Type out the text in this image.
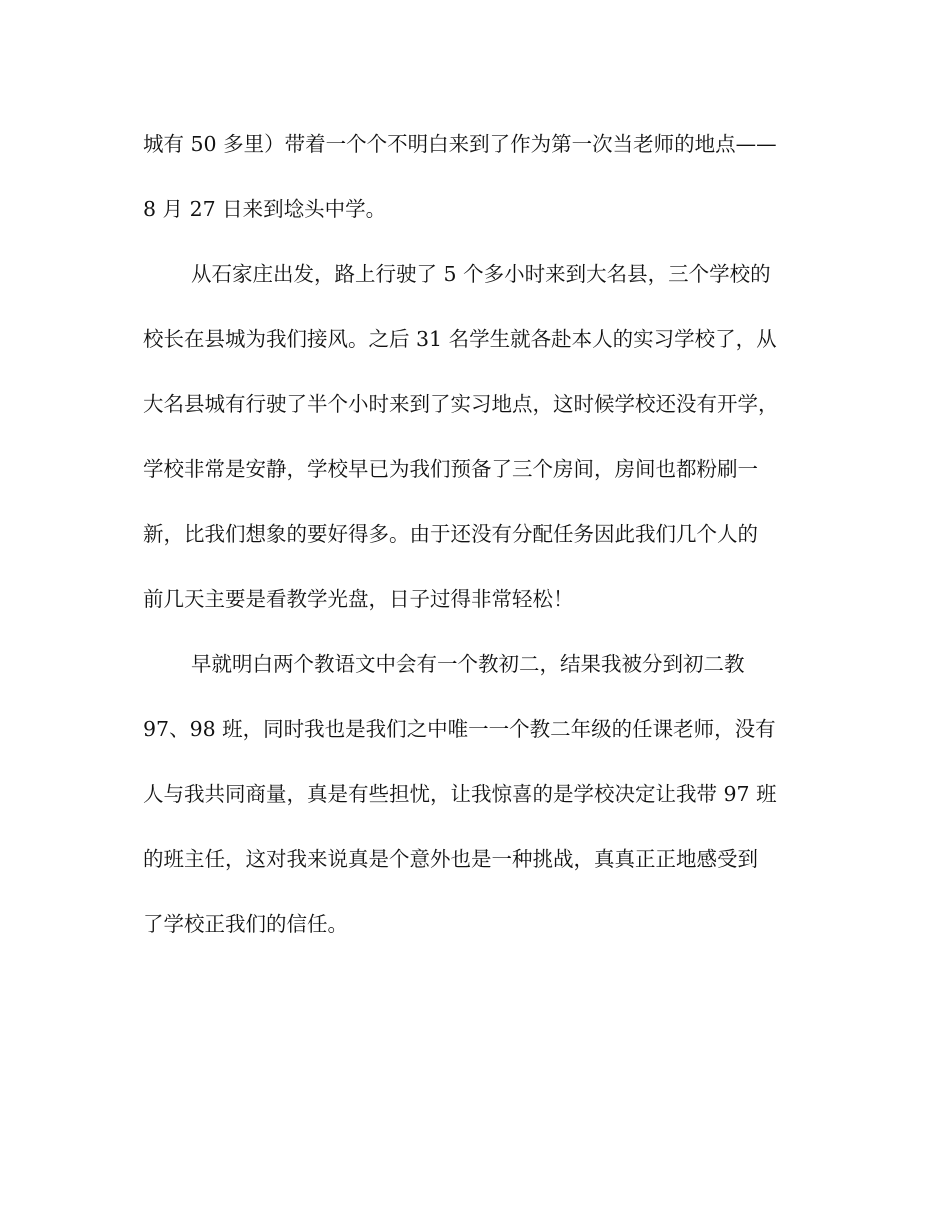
城有 50 多里）带着一个个不明白来到了作为第一次当老师的地点——
8 月 27 日来到埝头中学。
从石家庄出发，路上行驶了 5 个多小时来到大名县，三个学校的
校长在县城为我们接风。之后 31 名学生就各赴本人的实习学校了，从
大名县城有行驶了半个小时来到了实习地点，这时候学校还没有开学，
学校非常是安静，学校早已为我们预备了三个房间，房间也都粉刷一
新，比我们想象的要好得多。由于还没有分配任务因此我们几个人的
前几天主要是看教学光盘，日子过得非常轻松！
早就明白两个教语文中会有一个教初二，结果我被分到初二教
97、98 班，同时我也是我们之中唯一一个教二年级的任课老师，没有
人与我共同商量，真是有些担忧，让我惊喜的是学校决定让我带 97 班
的班主任，这对我来说真是个意外也是一种挑战，真真正正地感受到
了学校正我们的信任。
